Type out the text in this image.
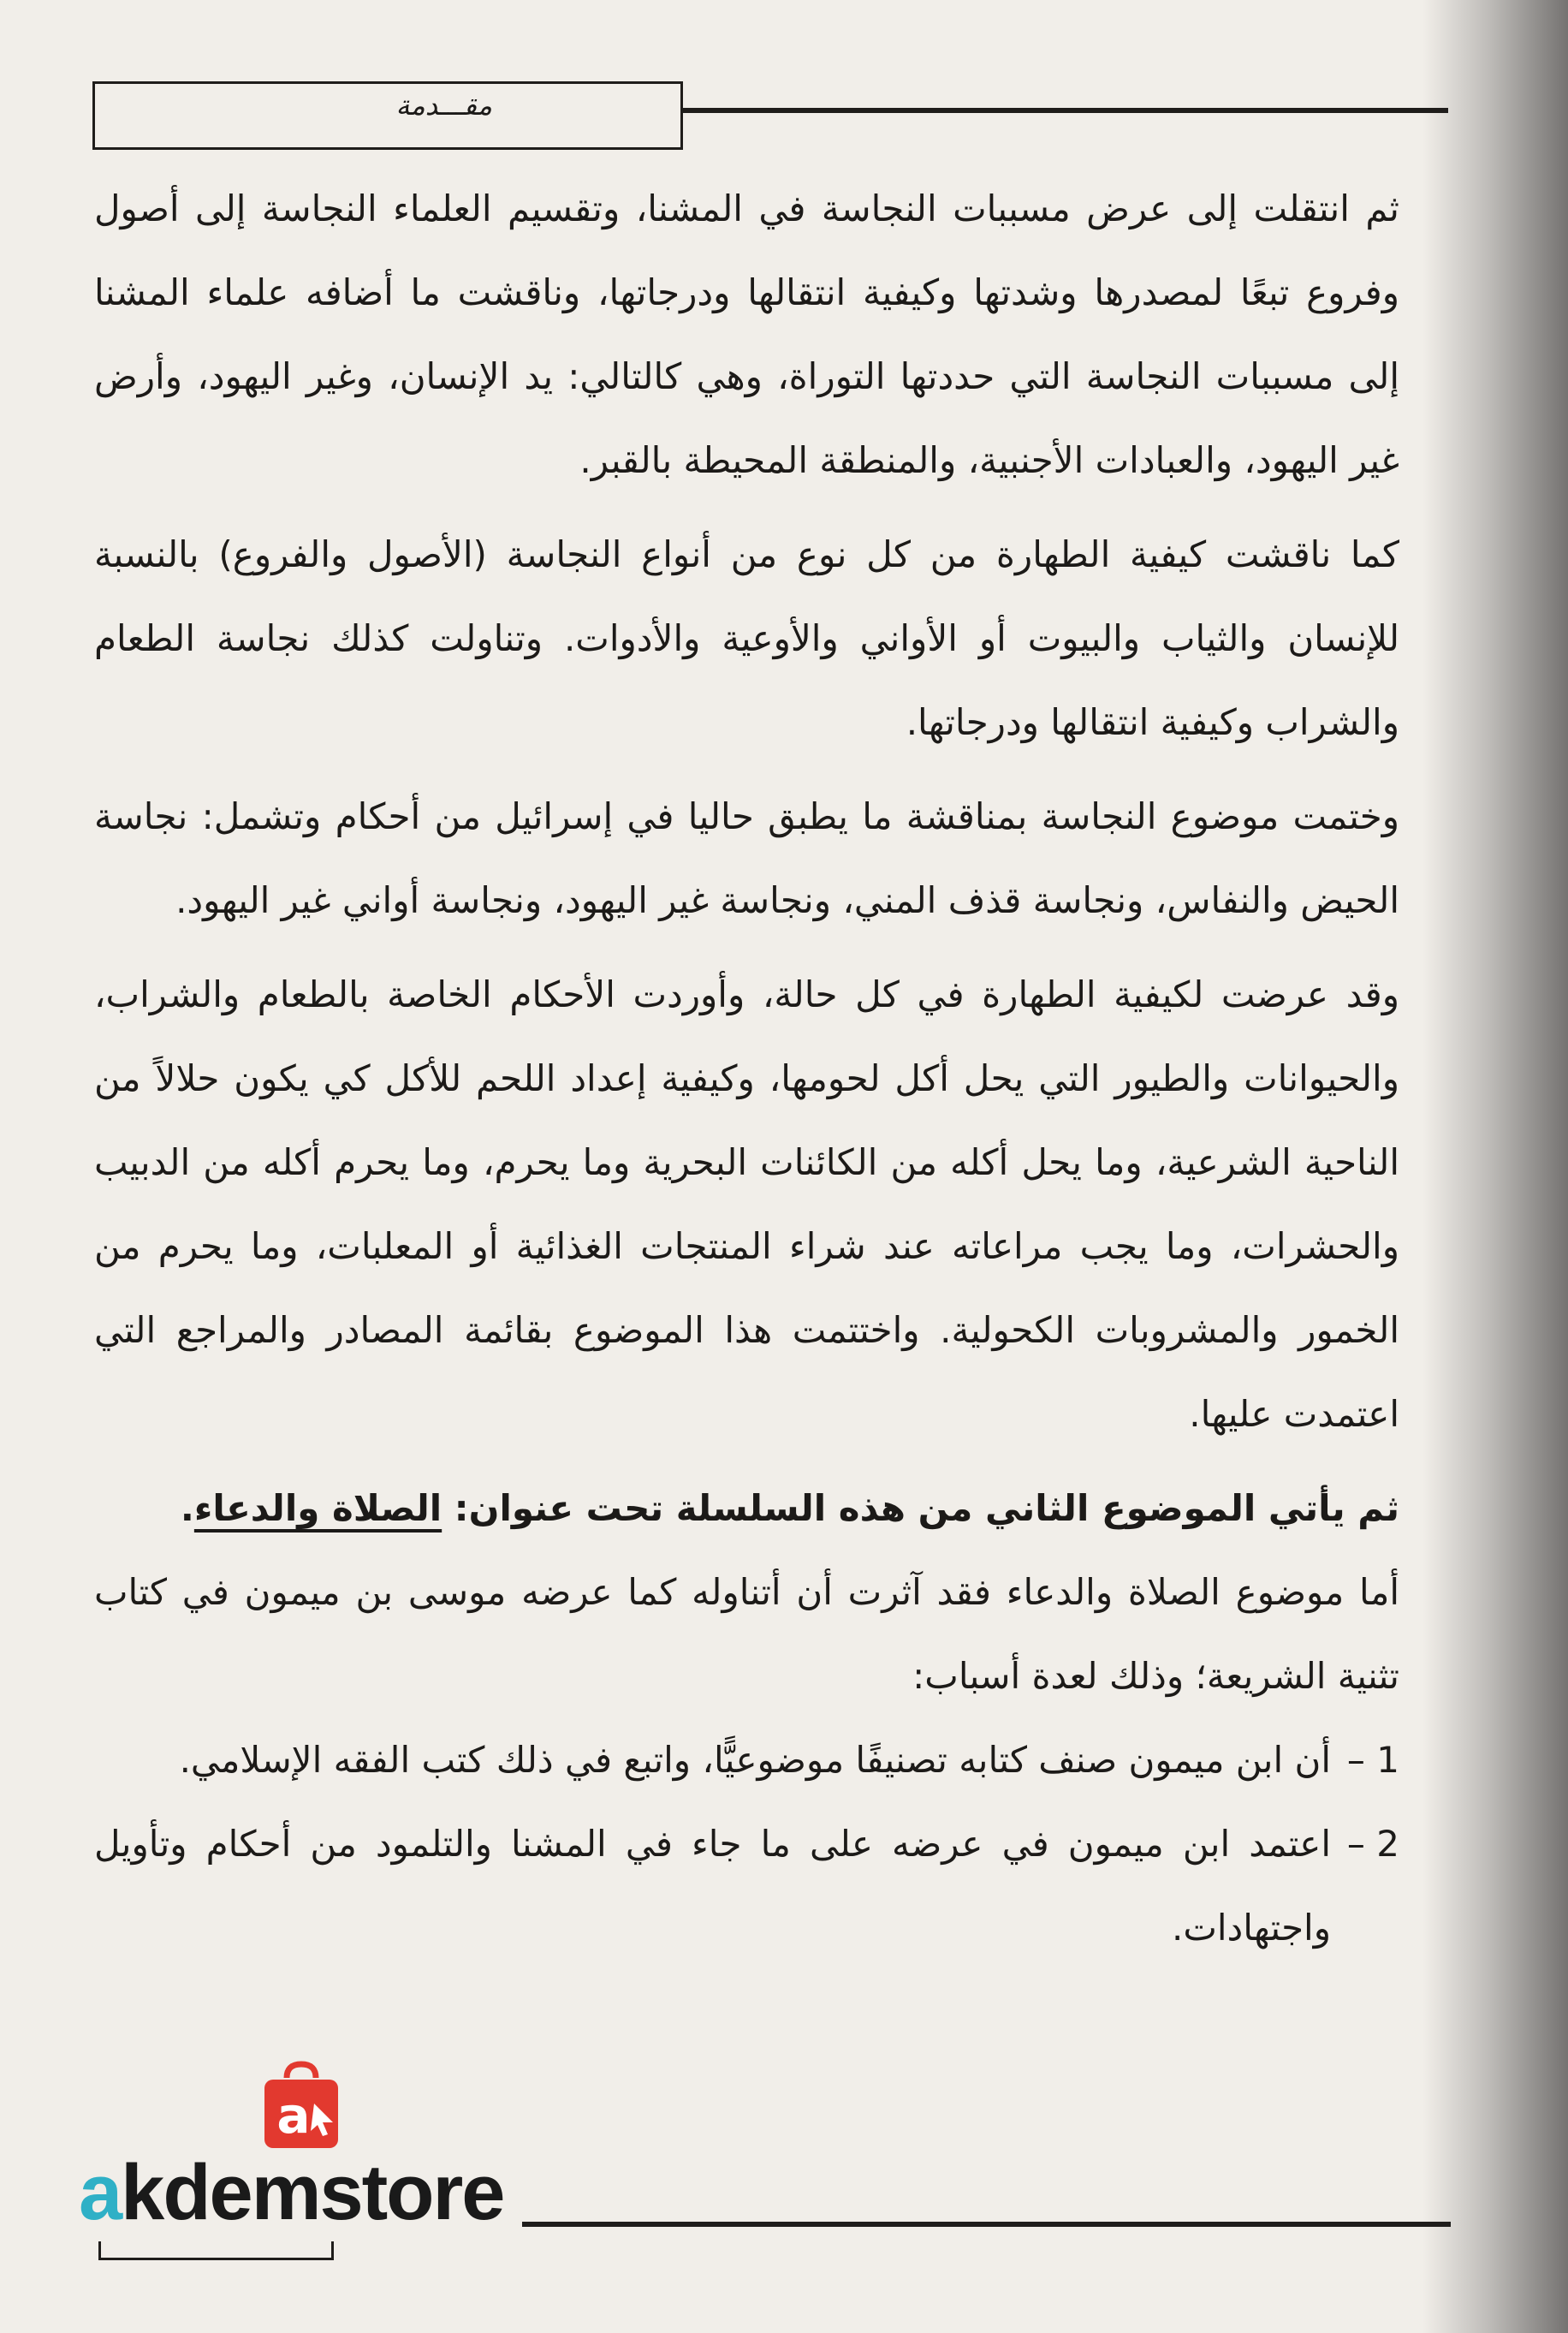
مقـــدمة

ثم انتقلت إلى عرض مسببات النجاسة في المشنا، وتقسيم العلماء النجاسة إلى أصول وفروع تبعًا لمصدرها وشدتها وكيفية انتقالها ودرجاتها، وناقشت ما أضافه علماء المشنا إلى مسببات النجاسة التي حددتها التوراة، وهي كالتالي: يد الإنسان، وغير اليهود، وأرض غير اليهود، والعبادات الأجنبية، والمنطقة المحيطة بالقبر.

كما ناقشت كيفية الطهارة من كل نوع من أنواع النجاسة (الأصول والفروع) بالنسبة للإنسان والثياب والبيوت أو الأواني والأوعية والأدوات. وتناولت كذلك نجاسة الطعام والشراب وكيفية انتقالها ودرجاتها.

وختمت موضوع النجاسة بمناقشة ما يطبق حاليا في إسرائيل من أحكام وتشمل: نجاسة الحيض والنفاس، ونجاسة قذف المني، ونجاسة غير اليهود، ونجاسة أواني غير اليهود.

وقد عرضت لكيفية الطهارة في كل حالة، وأوردت الأحكام الخاصة بالطعام والشراب، والحيوانات والطيور التي يحل أكل لحومها، وكيفية إعداد اللحم للأكل كي يكون حلالاً من الناحية الشرعية، وما يحل أكله من الكائنات البحرية وما يحرم، وما يحرم أكله من الدبيب والحشرات، وما يجب مراعاته عند شراء المنتجات الغذائية أو المعلبات، وما يحرم من الخمور والمشروبات الكحولية. واختتمت هذا الموضوع بقائمة المصادر والمراجع التي اعتمدت عليها.

ثم يأتي الموضوع الثاني من هذه السلسلة تحت عنوان: الصلاة والدعاء.

أما موضوع الصلاة والدعاء فقد آثرت أن أتناوله كما عرضه موسى بن ميمون في كتاب تثنية الشريعة؛ وذلك لعدة أسباب:

1 –
أن ابن ميمون صنف كتابه تصنيفًا موضوعيًّا، واتبع في ذلك كتب الفقه الإسلامي.
2 –
اعتمد ابن ميمون في عرضه على ما جاء في المشنا والتلمود من أحكام وتأويل واجتهادات.
a
akdemstore
